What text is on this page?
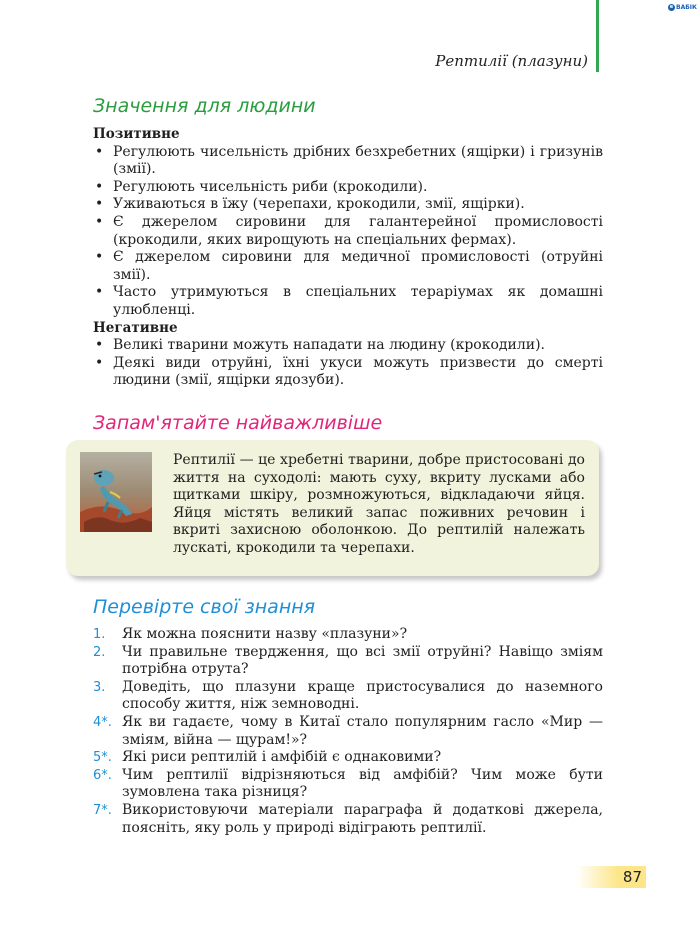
e ВАБІК
Рептилії (плазуни)
Значення для людини
Позитивне
• Регулюють чисельність дрібних безхребетних (ящірки) і гризунів (змії).
• Регулюють чисельність риби (крокодили).
• Уживаються в їжу (черепахи, крокодили, змії, ящірки).
• Є джерелом сировини для галантерейної промисловості (крокодили, яких вирощують на спеціальних фермах).
• Є джерелом сировини для медичної промисловості (отруйні змії).
• Часто утримуються в спеціальних тераріумах як домашні улюбленці.
Негативне
• Великі тварини можуть нападати на людину (крокодили).
• Деякі види отруйні, їхні укуси можуть призвести до смерті людини (змії, ящірки ядозуби).
Запам'ятайте найважливіше
Рептилії — це хребетні тварини, добре пристосовані до життя на суходолі: мають суху, вкриту лусками або щитками шкіру, розмножуються, відкладаючи яйця. Яйця містять великий запас поживних речовин і вкриті захисною оболонкою. До рептилій належать лускаті, крокодили та черепахи.
Перевірте свої знання
1. Як можна пояснити назву «плазуни»?
2. Чи правильне твердження, що всі змії отруйні? Навіщо зміям потрібна отрута?
3. Доведіть, що плазуни краще пристосувалися до наземного способу життя, ніж земноводні.
4*. Як ви гадаєте, чому в Китаї стало популярним гасло «Мир — зміям, війна — щурам!»?
5*. Які риси рептилій і амфібій є однаковими?
6*. Чим рептилії відрізняються від амфібій? Чим може бути зумовлена така різниця?
7*. Використовуючи матеріали параграфа й додаткові джерела, поясніть, яку роль у природі відіграють рептилії.
87
